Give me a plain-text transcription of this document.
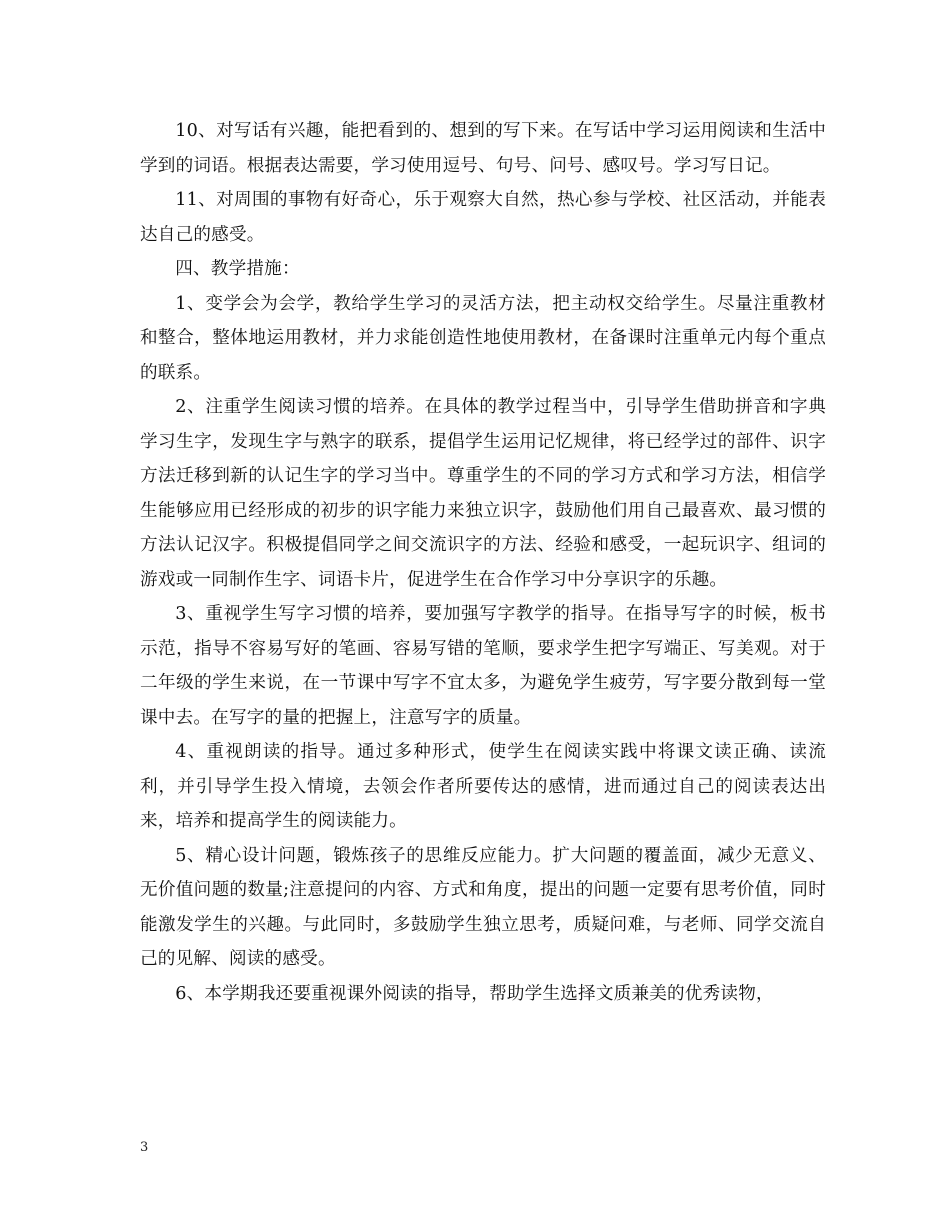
10、对写话有兴趣，能把看到的、想到的写下来。在写话中学习运用阅读和生活中学到的词语。根据表达需要，学习使用逗号、句号、问号、感叹号。学习写日记。

11、对周围的事物有好奇心，乐于观察大自然，热心参与学校、社区活动，并能表达自己的感受。

四、教学措施：

1、变学会为会学，教给学生学习的灵活方法，把主动权交给学生。尽量注重教材和整合，整体地运用教材，并力求能创造性地使用教材，在备课时注重单元内每个重点的联系。

2、注重学生阅读习惯的培养。在具体的教学过程当中，引导学生借助拼音和字典学习生字，发现生字与熟字的联系，提倡学生运用记忆规律，将已经学过的部件、识字方法迁移到新的认记生字的学习当中。尊重学生的不同的学习方式和学习方法，相信学生能够应用已经形成的初步的识字能力来独立识字，鼓励他们用自己最喜欢、最习惯的方法认记汉字。积极提倡同学之间交流识字的方法、经验和感受，一起玩识字、组词的游戏或一同制作生字、词语卡片，促进学生在合作学习中分享识字的乐趣。

3、重视学生写字习惯的培养，要加强写字教学的指导。在指导写字的时候，板书示范，指导不容易写好的笔画、容易写错的笔顺，要求学生把字写端正、写美观。对于二年级的学生来说，在一节课中写字不宜太多，为避免学生疲劳，写字要分散到每一堂课中去。在写字的量的把握上，注意写字的质量。

4、重视朗读的指导。通过多种形式，使学生在阅读实践中将课文读正确、读流利，并引导学生投入情境，去领会作者所要传达的感情，进而通过自己的阅读表达出来，培养和提高学生的阅读能力。

5、精心设计问题，锻炼孩子的思维反应能力。扩大问题的覆盖面，减少无意义、无价值问题的数量;注意提问的内容、方式和角度，提出的问题一定要有思考价值，同时能激发学生的兴趣。与此同时，多鼓励学生独立思考，质疑问难，与老师、同学交流自己的见解、阅读的感受。

6、本学期我还要重视课外阅读的指导，帮助学生选择文质兼美的优秀读物，

3
